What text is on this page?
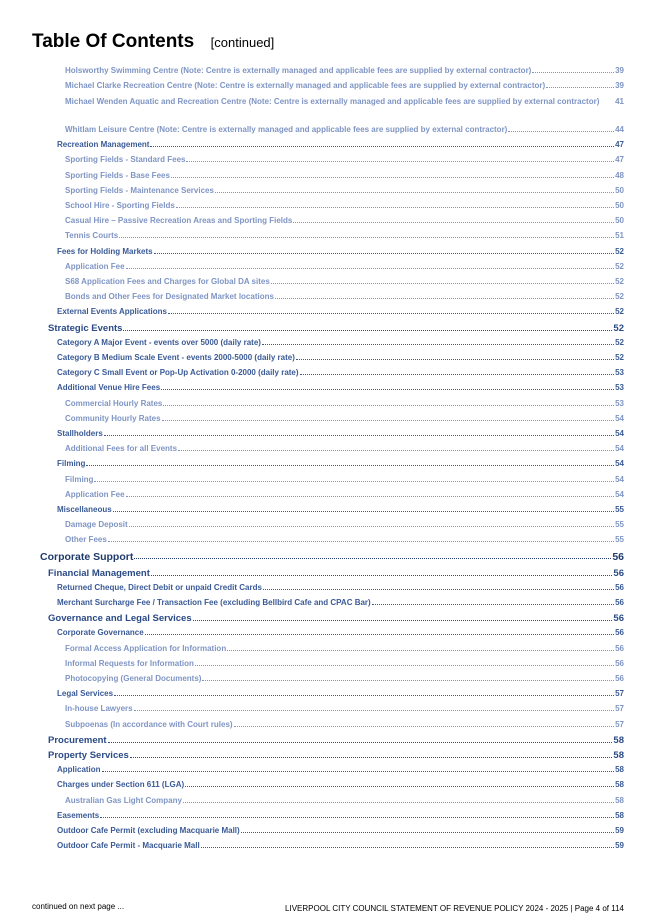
Table Of Contents [continued]
Holsworthy Swimming Centre (Note: Centre is externally managed and applicable fees are supplied by external contractor)	39
Michael Clarke Recreation Centre (Note: Centre is externally managed and applicable fees are supplied by external contractor)	39
Michael Wenden Aquatic and Recreation Centre (Note: Centre is externally managed and applicable fees are supplied by external contractor) 41
Whitlam Leisure Centre (Note: Centre is externally managed and applicable fees are supplied by external contractor)	44
Recreation Management	47
Sporting Fields - Standard Fees	47
Sporting Fields - Base Fees	48
Sporting Fields - Maintenance Services	50
School Hire - Sporting Fields	50
Casual Hire – Passive Recreation Areas and Sporting Fields	50
Tennis Courts	51
Fees for Holding Markets	52
Application Fee	52
S68 Application Fees and Charges for Global DA sites	52
Bonds and Other Fees for Designated Market locations	52
External Events Applications	52
Strategic Events	52
Category A Major Event - events over 5000 (daily rate)	52
Category B Medium Scale Event - events 2000-5000 (daily rate)	52
Category C Small Event or Pop-Up Activation 0-2000 (daily rate)	53
Additional Venue Hire Fees	53
Commercial Hourly Rates	53
Community Hourly Rates	54
Stallholders	54
Additional Fees for all Events	54
Filming	54
Filming	54
Application Fee	54
Miscellaneous	55
Damage Deposit	55
Other Fees	55
Corporate Support	56
Financial Management	56
Returned Cheque, Direct Debit or unpaid Credit Cards	56
Merchant Surcharge Fee / Transaction Fee (excluding Bellbird Cafe and CPAC Bar)	56
Governance and Legal Services	56
Corporate Governance	56
Formal Access Application for Information	56
Informal Requests for Information	56
Photocopying (General Documents)	56
Legal Services	57
In-house Lawyers	57
Subpoenas (In accordance with Court rules)	57
Procurement	58
Property Services	58
Application	58
Charges under Section 611 (LGA)	58
Australian Gas Light Company	58
Easements	58
Outdoor Cafe Permit (excluding Macquarie Mall)	59
Outdoor Cafe Permit - Macquarie Mall	59
continued on next page ...	LIVERPOOL CITY COUNCIL STATEMENT OF REVENUE POLICY 2024 - 2025 | Page 4 of 114
